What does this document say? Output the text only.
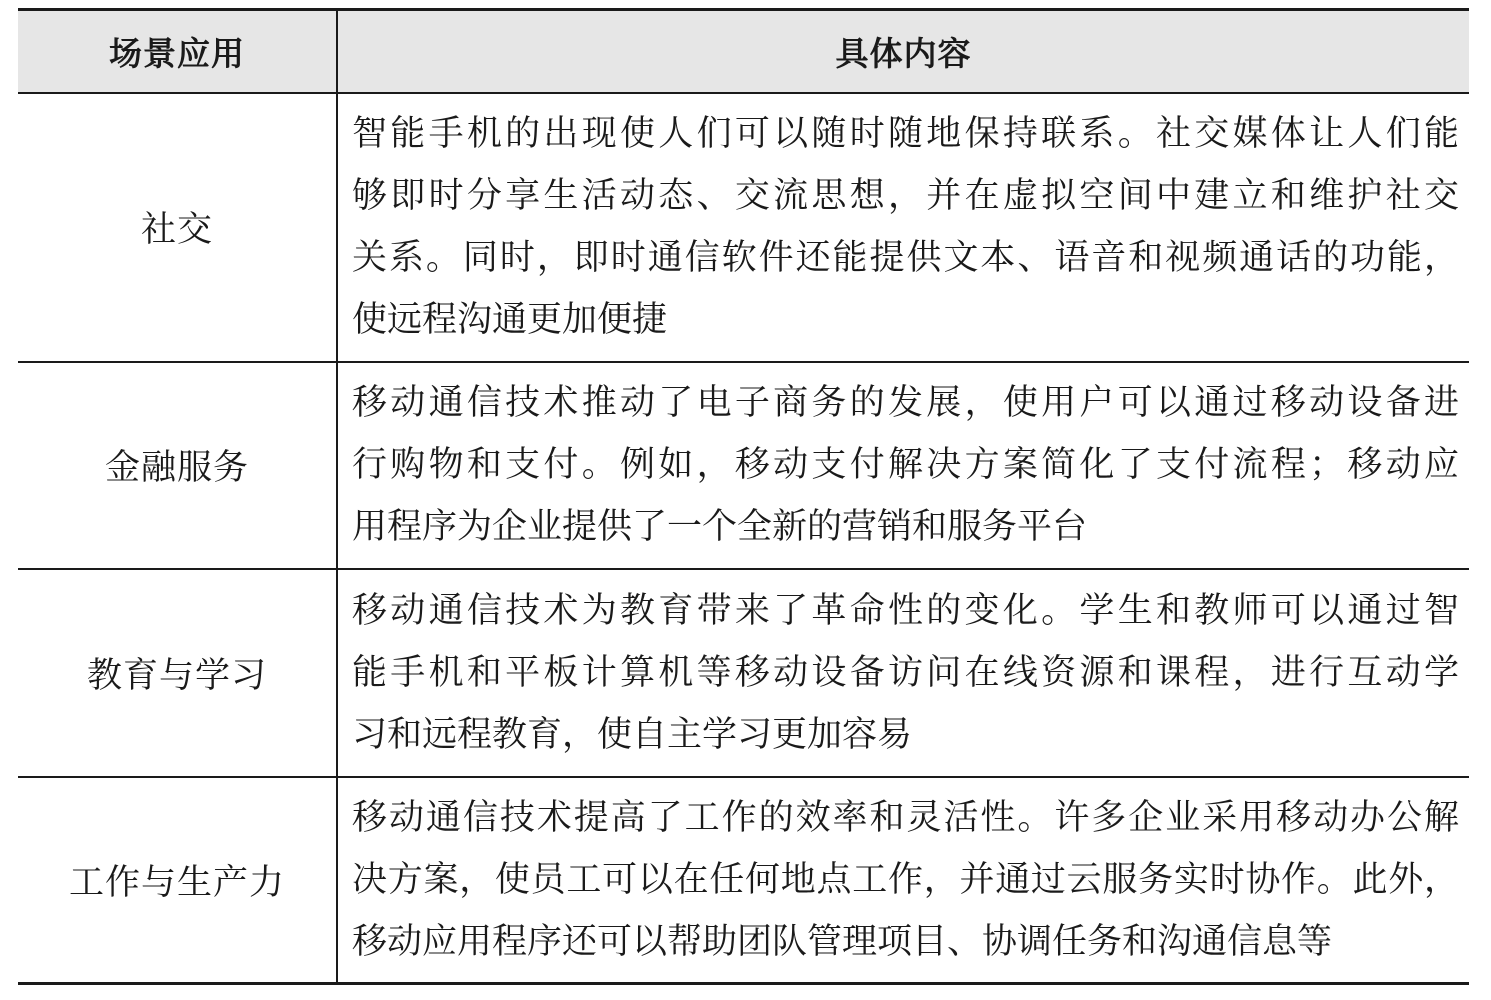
场景应用	具体内容
社交	智能手机的出现使人们可以随时随地保持联系。社交媒体让人们能
够即时分享生活动态、交流思想，并在虚拟空间中建立和维护社交
关系。同时，即时通信软件还能提供文本、语音和视频通话的功能，
使远程沟通更加便捷

金融服务	移动通信技术推动了电子商务的发展，使用户可以通过移动设备进
行购物和支付。例如，移动支付解决方案简化了支付流程；移动应
用程序为企业提供了一个全新的营销和服务平台

教育与学习	移动通信技术为教育带来了革命性的变化。学生和教师可以通过智
能手机和平板计算机等移动设备访问在线资源和课程，进行互动学
习和远程教育，使自主学习更加容易

工作与生产力	移动通信技术提高了工作的效率和灵活性。许多企业采用移动办公解
决方案，使员工可以在任何地点工作，并通过云服务实时协作。此外，
移动应用程序还可以帮助团队管理项目、协调任务和沟通信息等
